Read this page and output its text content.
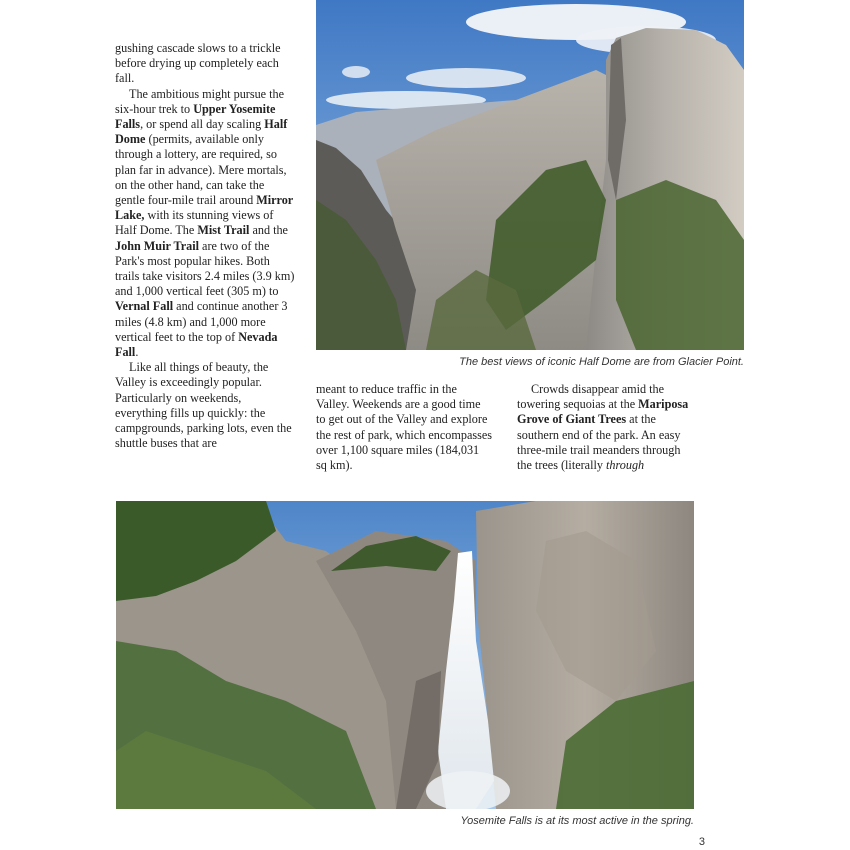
gushing cascade slows to a trickle before drying up completely each fall.

The ambitious might pursue the six-hour trek to Upper Yosemite Falls, or spend all day scaling Half Dome (permits, available only through a lottery, are required, so plan far in advance). Mere mortals, on the other hand, can take the gentle four-mile trail around Mirror Lake, with its stunning views of Half Dome. The Mist Trail and the John Muir Trail are two of the Park's most popular hikes. Both trails take visitors 2.4 miles (3.9 km) and 1,000 vertical feet (305 m) to Vernal Fall and continue another 3 miles (4.8 km) and 1,000 more vertical feet to the top of Nevada Fall.

Like all things of beauty, the Valley is exceedingly popular. Particularly on weekends, everything fills up quickly: the campgrounds, parking lots, even the shuttle buses that are

The best views of iconic Half Dome are from Glacier Point.

meant to reduce traffic in the Valley. Weekends are a good time to get out of the Valley and explore the rest of park, which encompasses over 1,100 square miles (184,031 sq km).

Crowds disappear amid the towering sequoias at the Mariposa Grove of Giant Trees at the southern end of the park. An easy three-mile trail meanders through the trees (literally through

Yosemite Falls is at its most active in the spring.
3
